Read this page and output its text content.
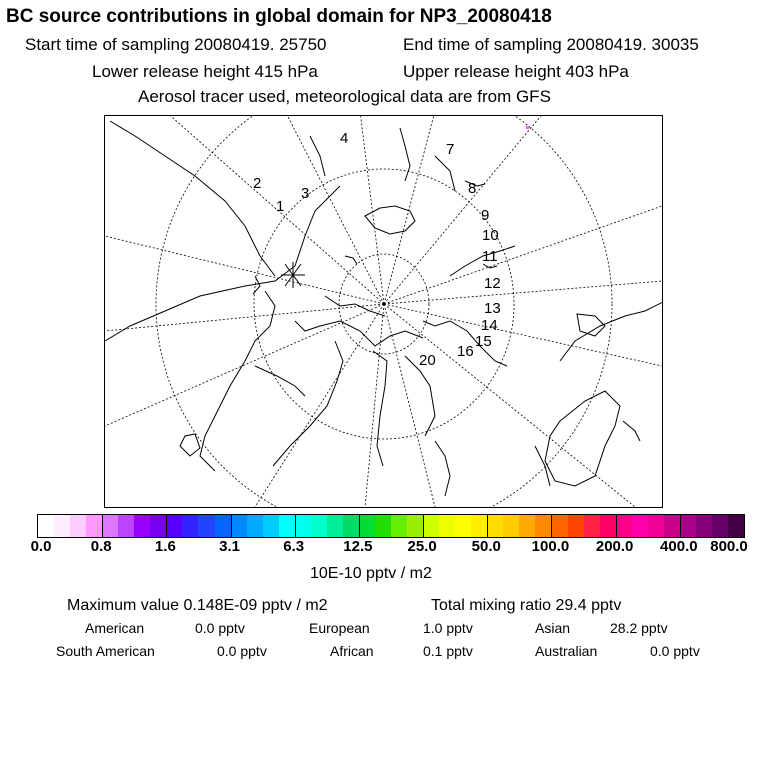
BC source contributions in global domain for NP3_20080418
Start time of sampling 20080419. 25750	End time of sampling 20080419. 30035
Lower release height 415 hPa	Upper release height 403 hPa
Aerosol tracer used, meteorological data are from GFS
1
2
3
4
7
8
9
10
11
12
13
14
15
16
20
0.0	0.8	1.6	3.1	6.3	12.5 25.0 50.0 100.0 200.0 400.0 800.0
10E-10 pptv / m2
Maximum value 0.148E-09 pptv / m2	Total mixing ratio 29.4 pptv
American	0.0 pptv	European	1.0 pptv	Asian	28.2 pptv
South American	0.0 pptv	African	0.1 pptv	Australian	0.0 pptv
